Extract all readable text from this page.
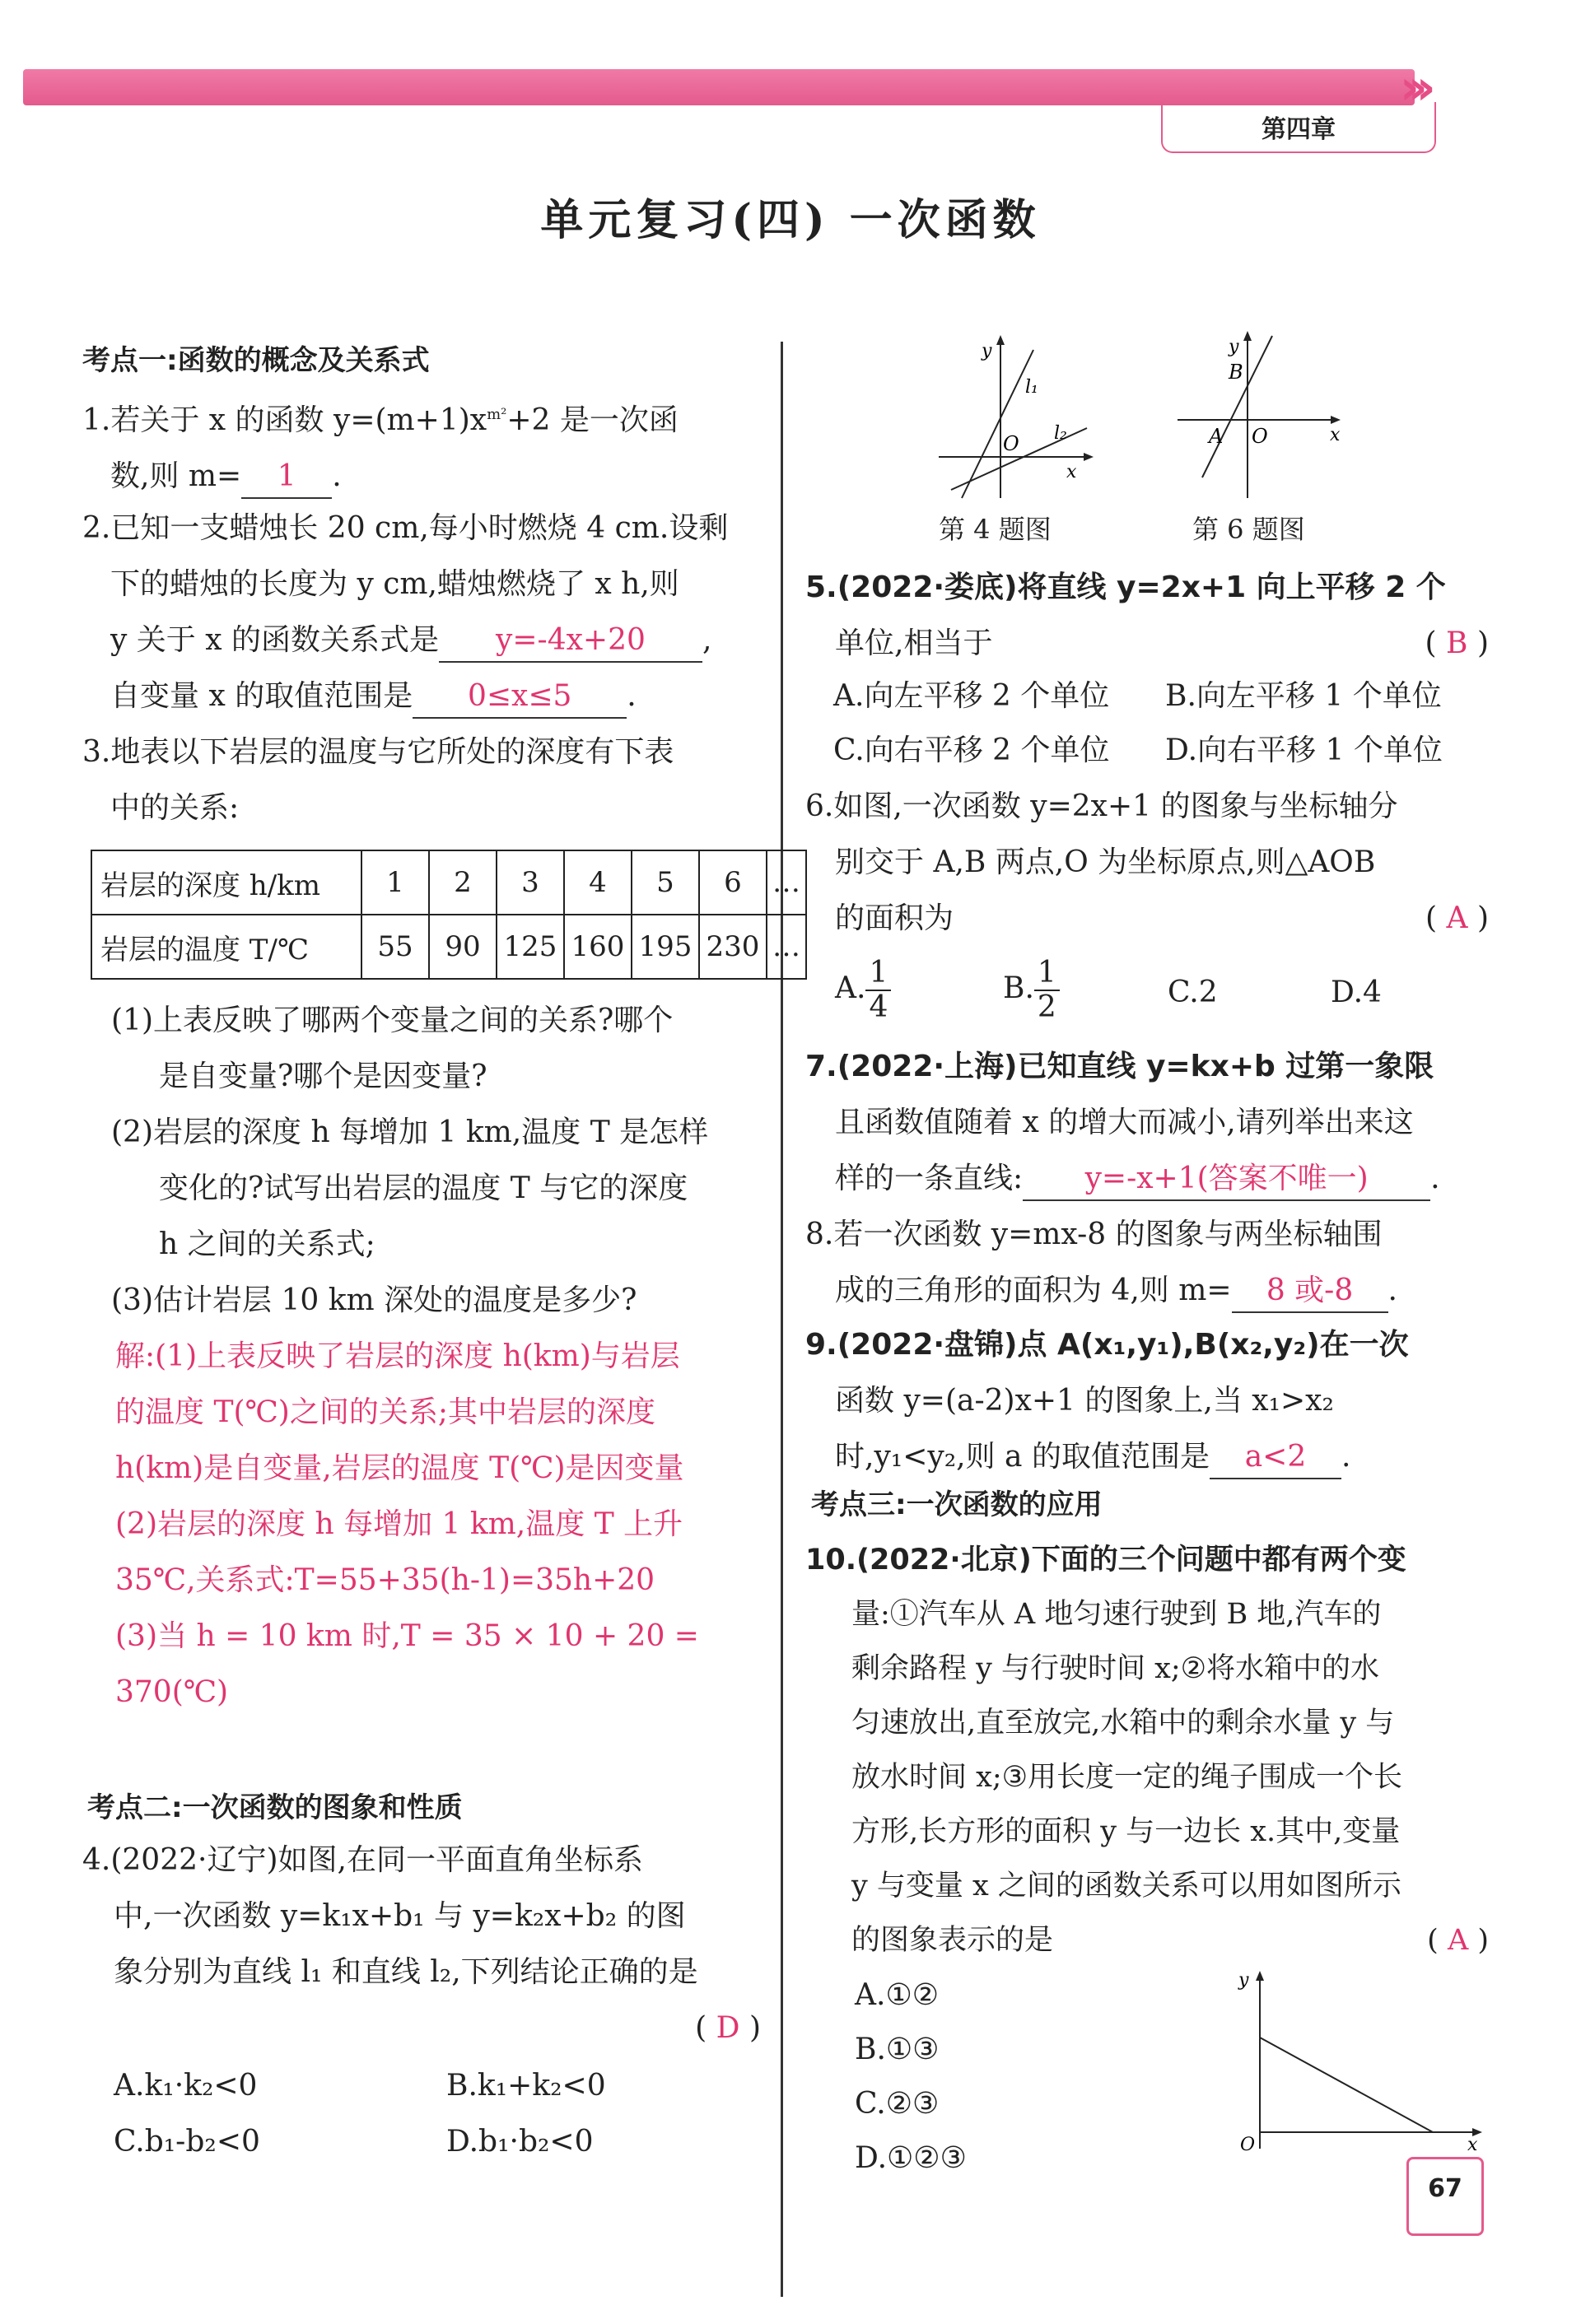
›››
第四章
单元复习(四) 一次函数
考点一:函数的概念及关系式
1.若关于 x 的函数 $y=(m+1)x^{m^2}+2$ 是一次函
数,则 m= 1 .
2.已知一支蜡烛长 20 cm,每小时燃烧 4 cm.设剩
下的蜡烛的长度为 y cm,蜡烛燃烧了 x h,则
y 关于 x 的函数关系式是 y=-4x+20 ,
自变量 x 的取值范围是 0≤x≤5 .
3.地表以下岩层的温度与它所处的深度有下表
中的关系:
岩层的深度 h/km	1	2	3	4	5	6	…
岩层的温度 T/℃	55	90	125	160	195	230	…
(1)上表反映了哪两个变量之间的关系?哪个
是自变量?哪个是因变量?
(2)岩层的深度 h 每增加 1 km,温度 T 是怎样
变化的?试写出岩层的温度 T 与它的深度
h 之间的关系式;
(3)估计岩层 10 km 深处的温度是多少?
解:(1)上表反映了岩层的深度 h(km)与岩层
的温度 T(℃)之间的关系;其中岩层的深度
h(km)是自变量,岩层的温度 T(℃)是因变量
(2)岩层的深度 h 每增加 1 km,温度 T 上升
35℃,关系式:T=55+35(h-1)=35h+20
(3)当 h = 10 km 时,T = 35 × 10 + 20 =
370(℃)
考点二:一次函数的图象和性质
4.(2022·辽宁)如图,在同一平面直角坐标系
中,一次函数 y=k₁x+b₁ 与 y=k₂x+b₂ 的图
象分别为直线 l₁ 和直线 l₂,下列结论正确的是
( D )
A.k₁·k₂<0	B.k₁+k₂<0
C.b₁-b₂<0	D.b₁·b₂<0
y
l₁
l₂
O
x
第 4 题图
y
B
A O	x
第 6 题图
5.(2022·娄底)将直线 y=2x+1 向上平移 2 个
单位,相当于	( B )
A.向左平移 2 个单位 B.向左平移 1 个单位
C.向右平移 2 个单位 D.向右平移 1 个单位
6.如图,一次函数 y=2x+1 的图象与坐标轴分
别交于 A,B 两点,O 为坐标原点,则△AOB
的面积为	( A )
A. $\frac{1}{4}$	B. $\frac{1}{2}$	C.2	D.4
7.(2022·上海)已知直线 y=kx+b 过第一象限
且函数值随着 x 的增大而减小,请列举出来这
样的一条直线: y=-x+1(答案不唯一) .
8.若一次函数 y=mx-8 的图象与两坐标轴围
成的三角形的面积为 4,则 m= 8 或-8 .
9.(2022·盘锦)点 A(x₁,y₁),B(x₂,y₂)在一次
函数 y=(a-2)x+1 的图象上,当 x₁>x₂
时,y₁<y₂,则 a 的取值范围是 a<2 .
考点三:一次函数的应用
10.(2022·北京)下面的三个问题中都有两个变
量:①汽车从 A 地匀速行驶到 B 地,汽车的
剩余路程 y 与行驶时间 x;②将水箱中的水
匀速放出,直至放完,水箱中的剩余水量 y 与
放水时间 x;③用长度一定的绳子围成一个长
方形,长方形的面积 y 与一边长 x.其中,变量
y 与变量 x 之间的函数关系可以用如图所示
的图象表示的是	( A )
A.①②
B.①③
C.②③
D.①②③
y
O	x
67
